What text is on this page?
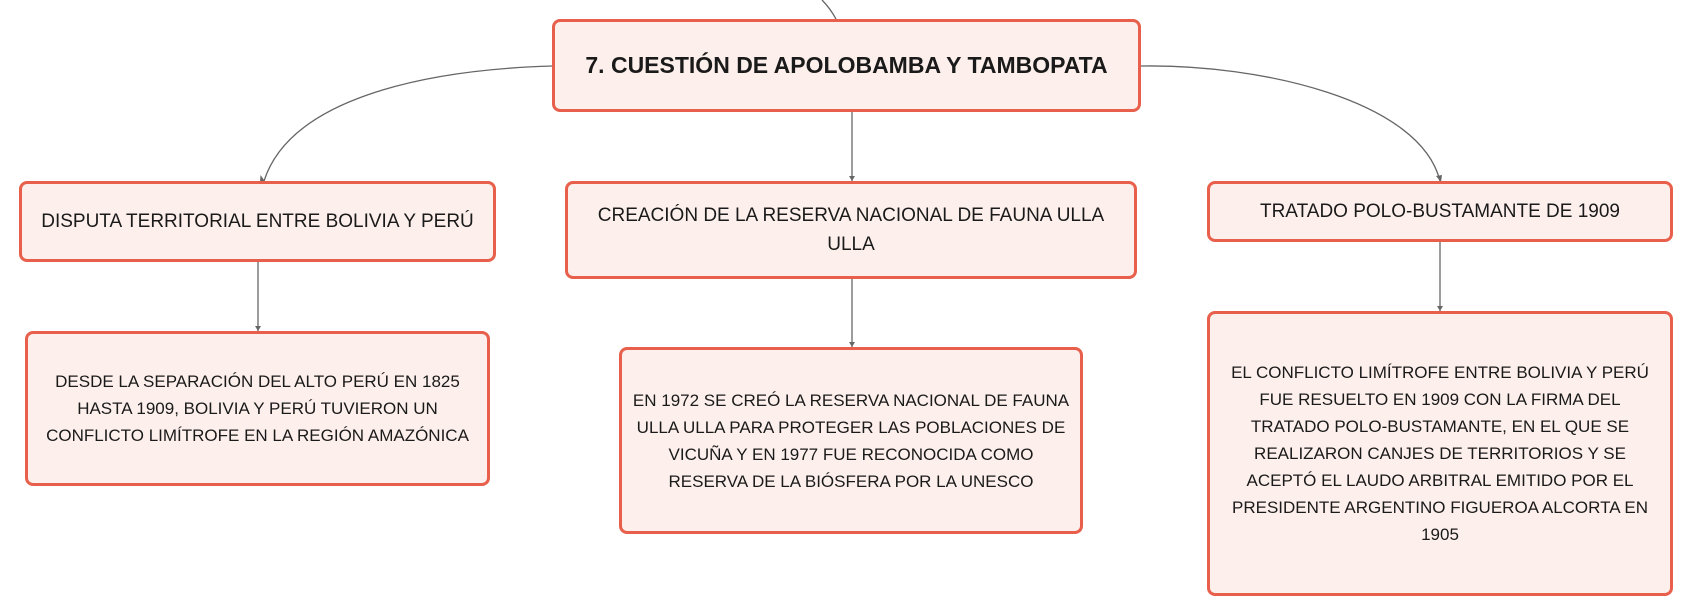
7. CUESTIÓN DE APOLOBAMBA Y TAMBOPATA
DISPUTA TERRITORIAL ENTRE BOLIVIA Y PERÚ	CREACIÓN DE LA RESERVA NACIONAL DE FAUNA ULLA ULLA
TRATADO POLO-BUSTAMANTE DE 1909
DESDE LA SEPARACIÓN DEL ALTO PERÚ EN 1825 HASTA 1909, BOLIVIA Y PERÚ TUVIERON UN CONFLICTO LIMÍTROFE EN LA REGIÓN AMAZÓNICA
EN 1972 SE CREÓ LA RESERVA NACIONAL DE FAUNA ULLA ULLA PARA PROTEGER LAS POBLACIONES DE VICUÑA Y EN 1977 FUE RECONOCIDA COMO RESERVA DE LA BIÓSFERA POR LA UNESCO
EL CONFLICTO LIMÍTROFE ENTRE BOLIVIA Y PERÚ FUE RESUELTO EN 1909 CON LA FIRMA DEL TRATADO POLO-BUSTAMANTE, EN EL QUE SE REALIZARON CANJES DE TERRITORIOS Y SE ACEPTÓ EL LAUDO ARBITRAL EMITIDO POR EL PRESIDENTE ARGENTINO FIGUEROA ALCORTA EN 1905
